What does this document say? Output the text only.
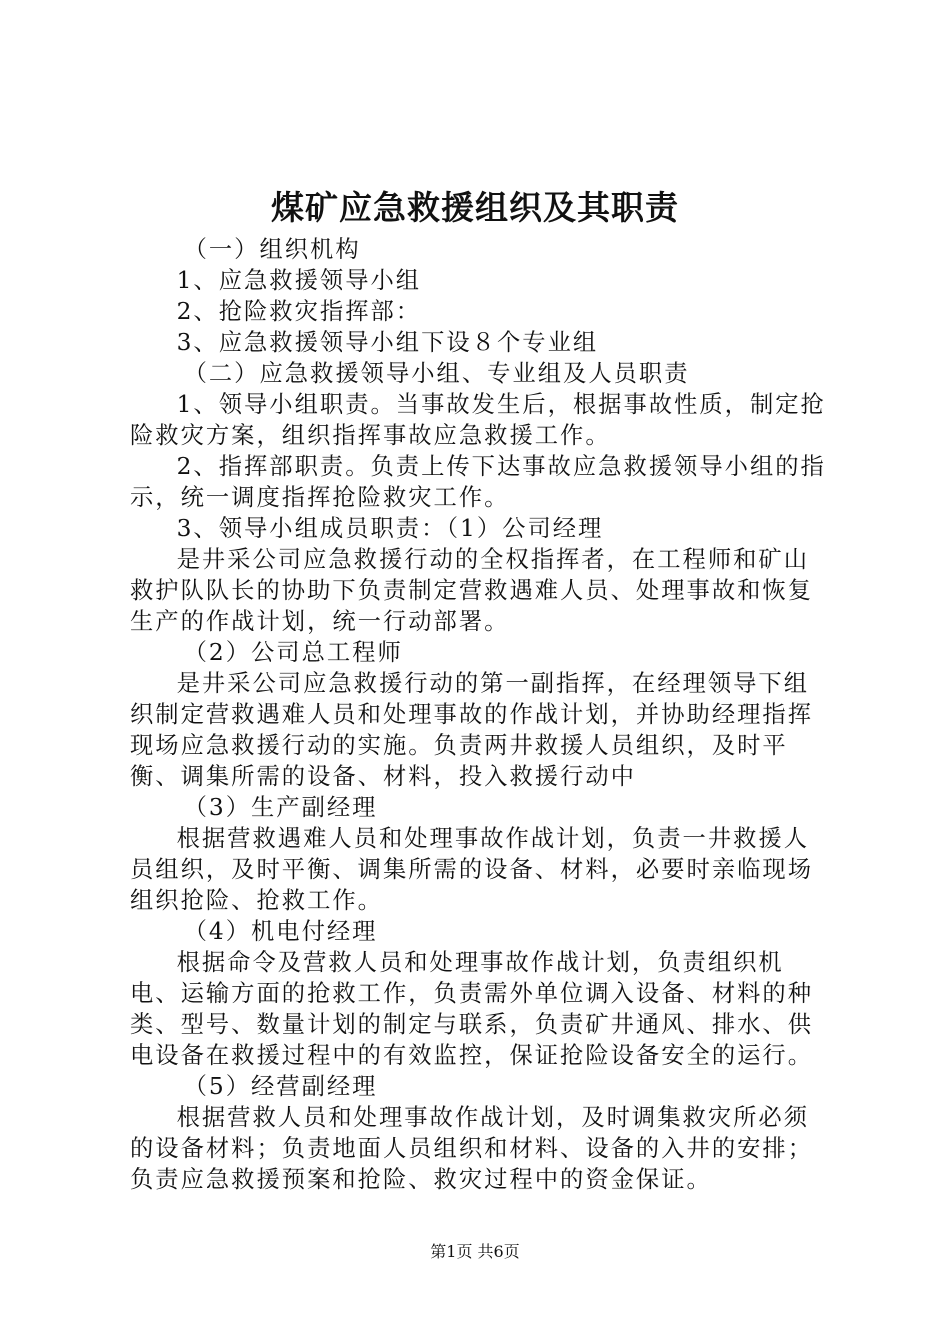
煤矿应急救援组织及其职责

（一）组织机构

1、应急救援领导小组

2、抢险救灾指挥部：

3、应急救援领导小组下设８个专业组

（二）应急救援领导小组、专业组及人员职责

1、领导小组职责。当事故发生后，根据事故性质，制定抢险救灾方案，组织指挥事故应急救援工作。

2、指挥部职责。负责上传下达事故应急救援领导小组的指示，统一调度指挥抢险救灾工作。

3、领导小组成员职责：（1）公司经理

是井采公司应急救援行动的全权指挥者，在工程师和矿山救护队队长的协助下负责制定营救遇难人员、处理事故和恢复生产的作战计划，统一行动部署。

（2）公司总工程师

是井采公司应急救援行动的第一副指挥，在经理领导下组织制定营救遇难人员和处理事故的作战计划，并协助经理指挥现场应急救援行动的实施。负责两井救援人员组织，及时平衡、调集所需的设备、材料，投入救援行动中

（3）生产副经理

根据营救遇难人员和处理事故作战计划，负责一井救援人员组织，及时平衡、调集所需的设备、材料，必要时亲临现场组织抢险、抢救工作。

（4）机电付经理

根据命令及营救人员和处理事故作战计划，负责组织机电、运输方面的抢救工作，负责需外单位调入设备、材料的种类、型号、数量计划的制定与联系，负责矿井通风、排水、供电设备在救援过程中的有效监控，保证抢险设备安全的运行。

（5）经营副经理

根据营救人员和处理事故作战计划，及时调集救灾所必须的设备材料；负责地面人员组织和材料、设备的入井的安排；负责应急救援预案和抢险、救灾过程中的资金保证。

第1页 共6页
